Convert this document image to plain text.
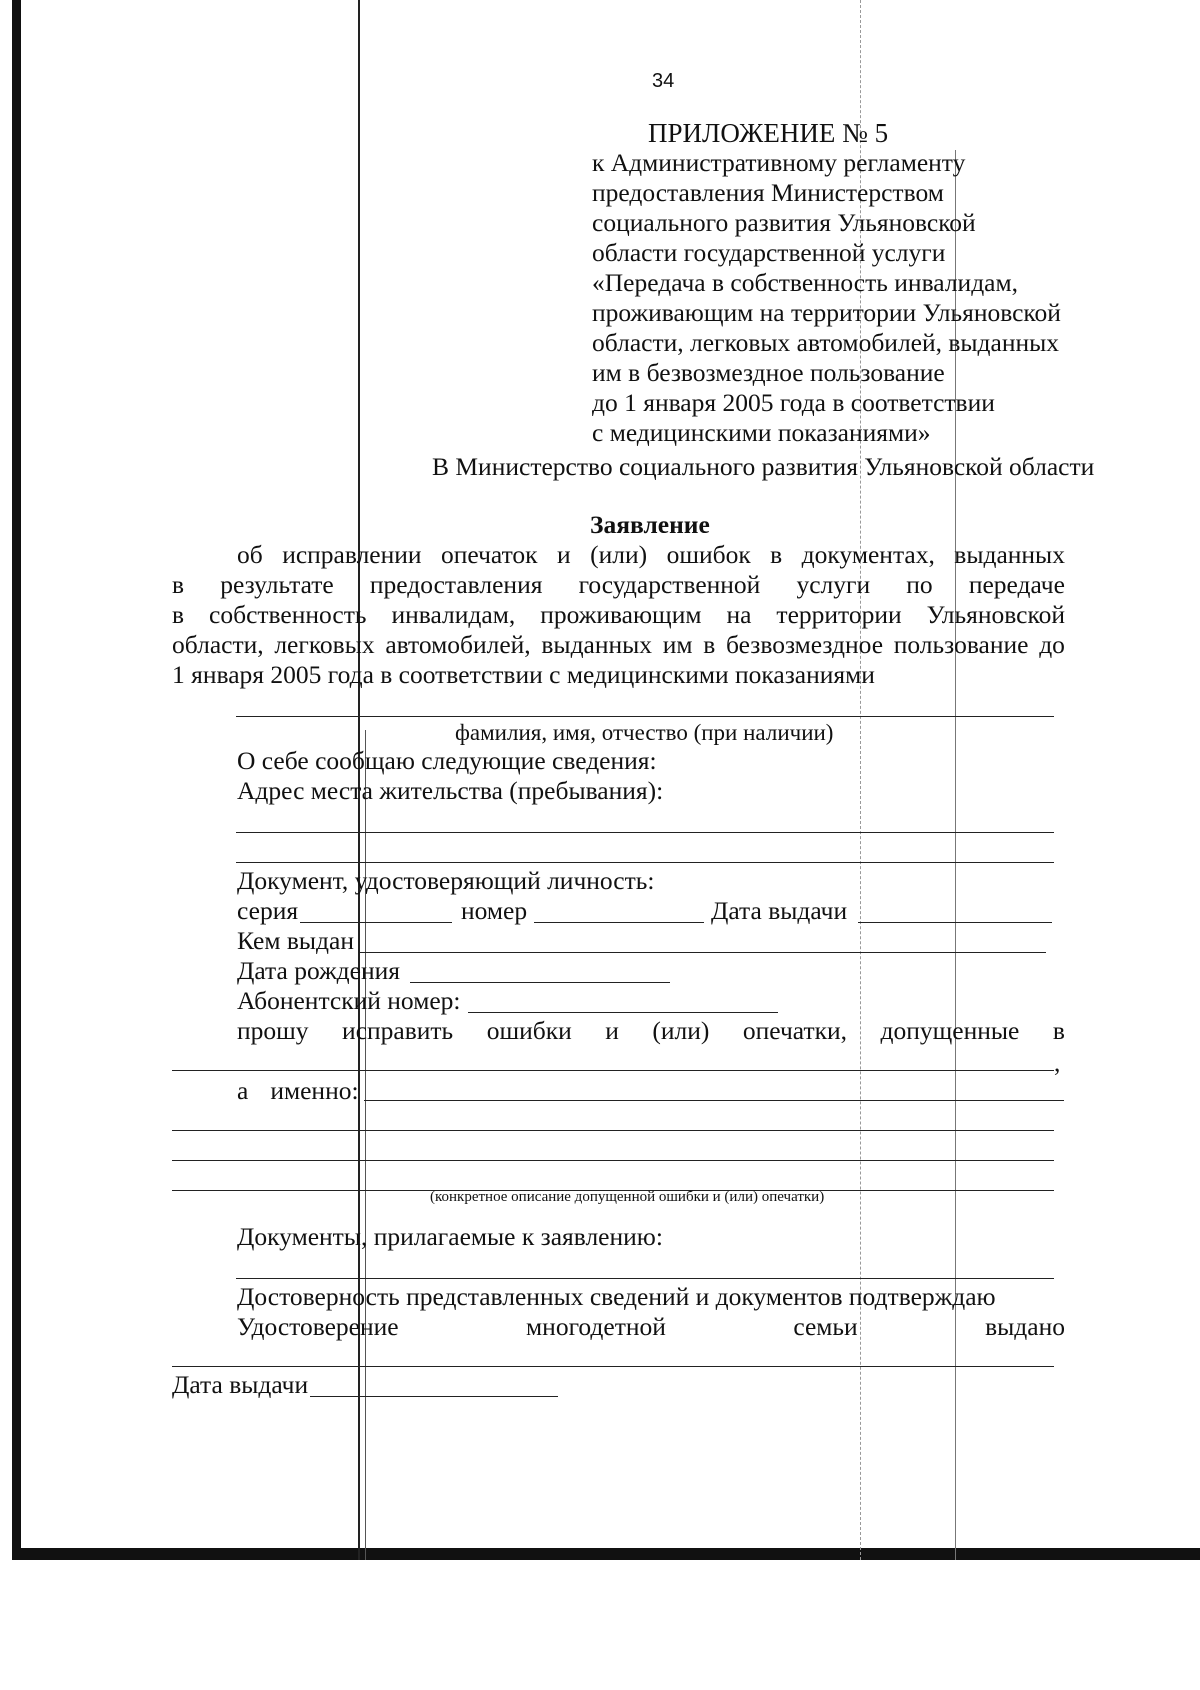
34
ПРИЛОЖЕНИЕ № 5
к Административному регламенту
предоставления Министерством
социального развития Ульяновской
области государственной услуги
«Передача в собственность инвалидам,
проживающим на территории Ульяновской
области, легковых автомобилей, выданных
им в безвозмездное пользование
до 1 января 2005 года в соответствии
с медицинскими показаниями»
В Министерство социального развития Ульяновской области
Заявление
об исправлении опечаток и (или) ошибок в документах, выданных
в результате предоставления государственной услуги по передаче
в собственность инвалидам, проживающим на территории Ульяновской
области, легковых автомобилей, выданных им в безвозмездное пользование до
1 января 2005 года в соответствии с медицинскими показаниями
фамилия, имя, отчество (при наличии)
О себе сообщаю следующие сведения:
Адрес места жительства (пребывания):
Документ, удостоверяющий личность:
серия	номер	Дата выдачи
Кем выдан
Дата рождения
Абонентский номер:
прошу исправить ошибки и (или) опечатки, допущенные в
,
а именно:
(конкретное описание допущенной ошибки и (или) опечатки)
Документы, прилагаемые к заявлению:
Достоверность представленных сведений и документов подтверждаю
Удостоверение	многодетной	семьи	выдано
Дата выдачи
